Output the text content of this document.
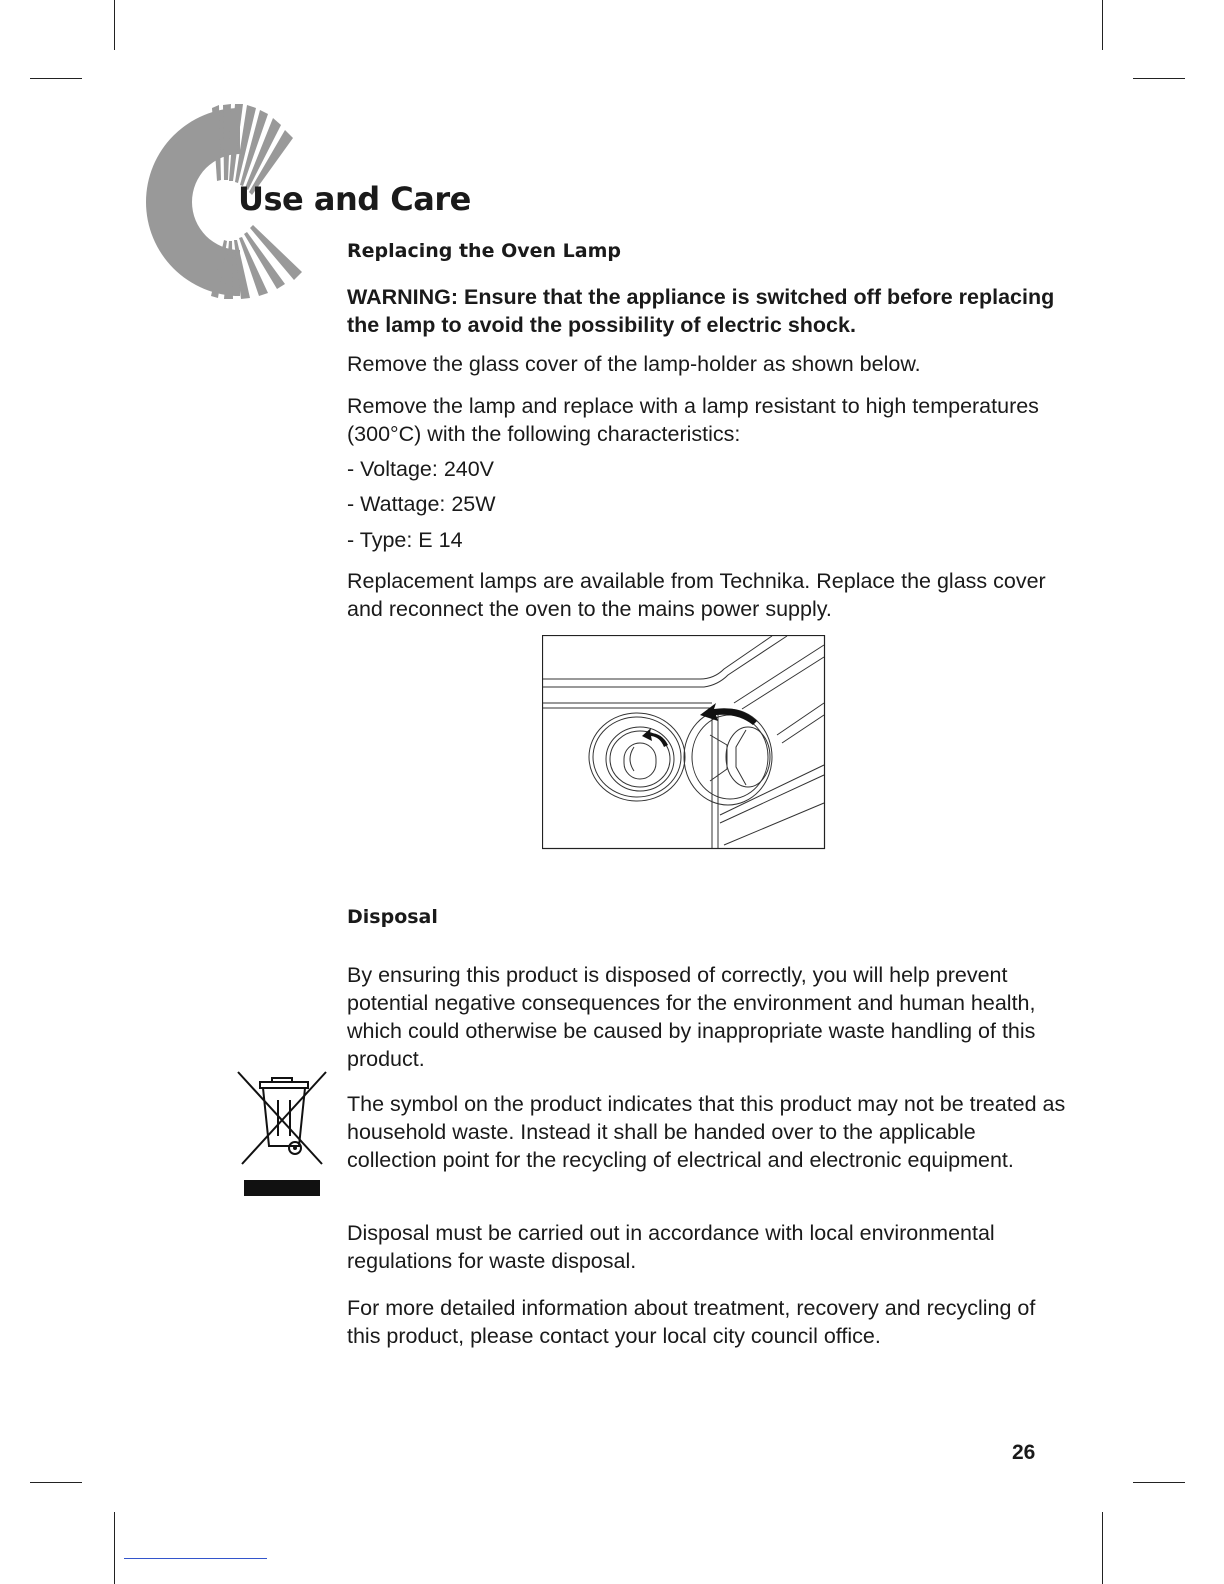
Use and Care
Replacing the Oven Lamp

WARNING: Ensure that the appliance is switched off before replacing the lamp to avoid the possibility of electric shock.

Remove the glass cover of the lamp-holder as shown below.

Remove the lamp and replace with a lamp resistant to high temperatures (300°C) with the following characteristics:

- Voltage: 240V

- Wattage: 25W

- Type: E 14

Replacement lamps are available from Technika. Replace the glass cover and reconnect the oven to the mains power supply.

Disposal

By ensuring this product is disposed of correctly, you will help prevent potential negative consequences for the environment and human health, which could otherwise be caused by inappropriate waste handling of this product.

The symbol on the product indicates that this product may not be treated as household waste. Instead it shall be handed over to the applicable collection point for the recycling of electrical and electronic equipment.

Disposal must be carried out in accordance with local environmental regulations for waste disposal.

For more detailed information about treatment, recovery and recycling of this product, please contact your local city council office.

26
